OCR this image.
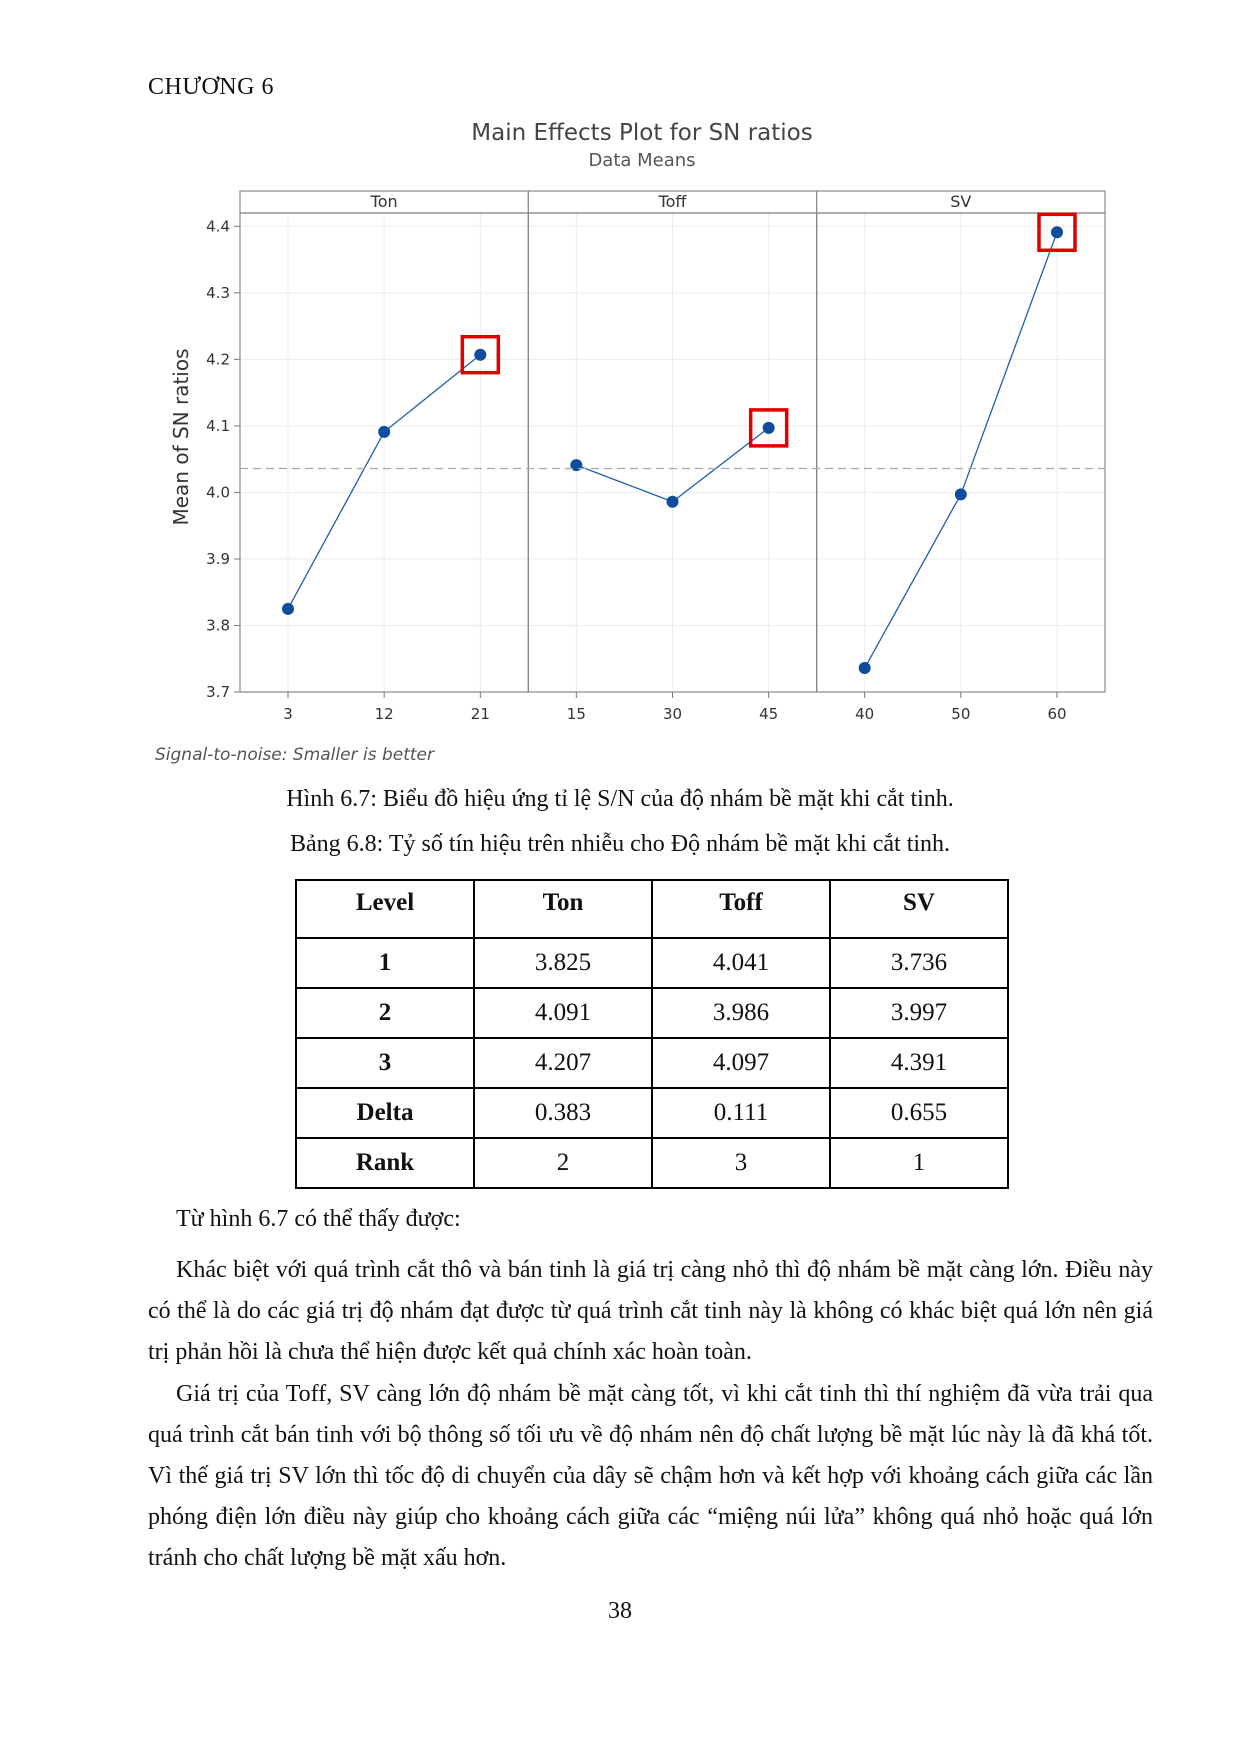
CHƯƠNG 6
Main Effects Plot for SN ratios
Data Means
Mean of SN ratios
Signal-to-noise: Smaller is better
3.7
3.8
3.9
4.0
4.1
4.2
4.3
4.4
Ton
3	12	21
Toff
15	30	45
SV
40	50	60
Hình 6.7: Biểu đồ hiệu ứng tỉ lệ S/N của độ nhám bề mặt khi cắt tinh.
Bảng 6.8: Tỷ số tín hiệu trên nhiễu cho Độ nhám bề mặt khi cắt tinh.
Level	Ton	Toff	SV
1	3.825	4.041	3.736
2	4.091	3.986	3.997
3	4.207	4.097	4.391
Delta	0.383	0.111	0.655
Rank	2	3	1
Từ hình 6.7 có thể thấy được:
Khác biệt với quá trình cắt thô và bán tinh là giá trị càng nhỏ thì độ nhám bề mặt càng lớn. Điều này có thể là do các giá trị độ nhám đạt được từ quá trình cắt tinh này là không có khác biệt quá lớn nên giá trị phản hồi là chưa thể hiện được kết quả chính xác hoàn toàn.
Giá trị của Toff, SV càng lớn độ nhám bề mặt càng tốt, vì khi cắt tinh thì thí nghiệm đã vừa trải qua quá trình cắt bán tinh với bộ thông số tối ưu về độ nhám nên độ chất lượng bề mặt lúc này là đã khá tốt. Vì thế giá trị SV lớn thì tốc độ di chuyển của dây sẽ chậm hơn và kết hợp với khoảng cách giữa các lần phóng điện lớn điều này giúp cho khoảng cách giữa các “miệng núi lửa” không quá nhỏ hoặc quá lớn tránh cho chất lượng bề mặt xấu hơn.
38
